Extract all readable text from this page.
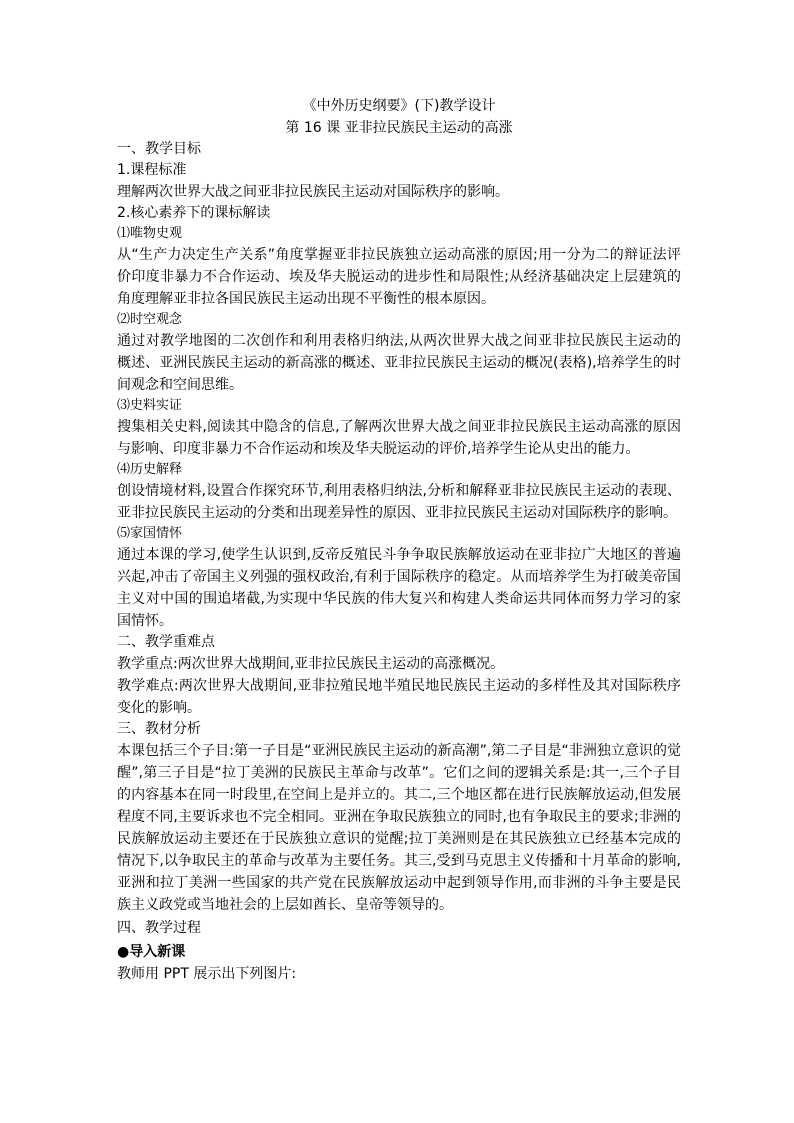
《中外历史纲要》(下)教学设计

第 16 课 亚非拉民族民主运动的高涨

一、教学目标

1.课程标准

理解两次世界大战之间亚非拉民族民主运动对国际秩序的影响。

2.核心素养下的课标解读

⑴唯物史观

从“生产力决定生产关系”角度掌握亚非拉民族独立运动高涨的原因;用一分为二的辩证法评价印度非暴力不合作运动、埃及华夫脱运动的进步性和局限性;从经济基础决定上层建筑的角度理解亚非拉各国民族民主运动出现不平衡性的根本原因。

⑵时空观念

通过对教学地图的二次创作和利用表格归纳法,从两次世界大战之间亚非拉民族民主运动的概述、亚洲民族民主运动的新高涨的概述、亚非拉民族民主运动的概况(表格),培养学生的时间观念和空间思维。

⑶史料实证

搜集相关史料,阅读其中隐含的信息,了解两次世界大战之间亚非拉民族民主运动高涨的原因与影响、印度非暴力不合作运动和埃及华夫脱运动的评价,培养学生论从史出的能力。

⑷历史解释

创设情境材料,设置合作探究环节,利用表格归纳法,分析和解释亚非拉民族民主运动的表现、亚非拉民族民主运动的分类和出现差异性的原因、亚非拉民族民主运动对国际秩序的影响。

⑸家国情怀

通过本课的学习,使学生认识到,反帝反殖民斗争争取民族解放运动在亚非拉广大地区的普遍兴起,冲击了帝国主义列强的强权政治,有利于国际秩序的稳定。从而培养学生为打破美帝国主义对中国的围追堵截,为实现中华民族的伟大复兴和构建人类命运共同体而努力学习的家国情怀。

二、教学重难点

教学重点:两次世界大战期间,亚非拉民族民主运动的高涨概况。

教学难点:两次世界大战期间,亚非拉殖民地半殖民地民族民主运动的多样性及其对国际秩序变化的影响。

三、教材分析

本课包括三个子目:第一子目是“亚洲民族民主运动的新高潮”,第二子目是“非洲独立意识的觉醒”,第三子目是“拉丁美洲的民族民主革命与改革”。它们之间的逻辑关系是:其一,三个子目的内容基本在同一时段里,在空间上是并立的。其二,三个地区都在进行民族解放运动,但发展程度不同,主要诉求也不完全相同。亚洲在争取民族独立的同时,也有争取民主的要求;非洲的民族解放运动主要还在于民族独立意识的觉醒;拉丁美洲则是在其民族独立已经基本完成的情况下,以争取民主的革命与改革为主要任务。其三,受到马克思主义传播和十月革命的影响,亚洲和拉丁美洲一些国家的共产党在民族解放运动中起到领导作用,而非洲的斗争主要是民族主义政党或当地社会的上层如酋长、皇帝等领导的。

四、教学过程

●导入新课

教师用 PPT 展示出下列图片:
